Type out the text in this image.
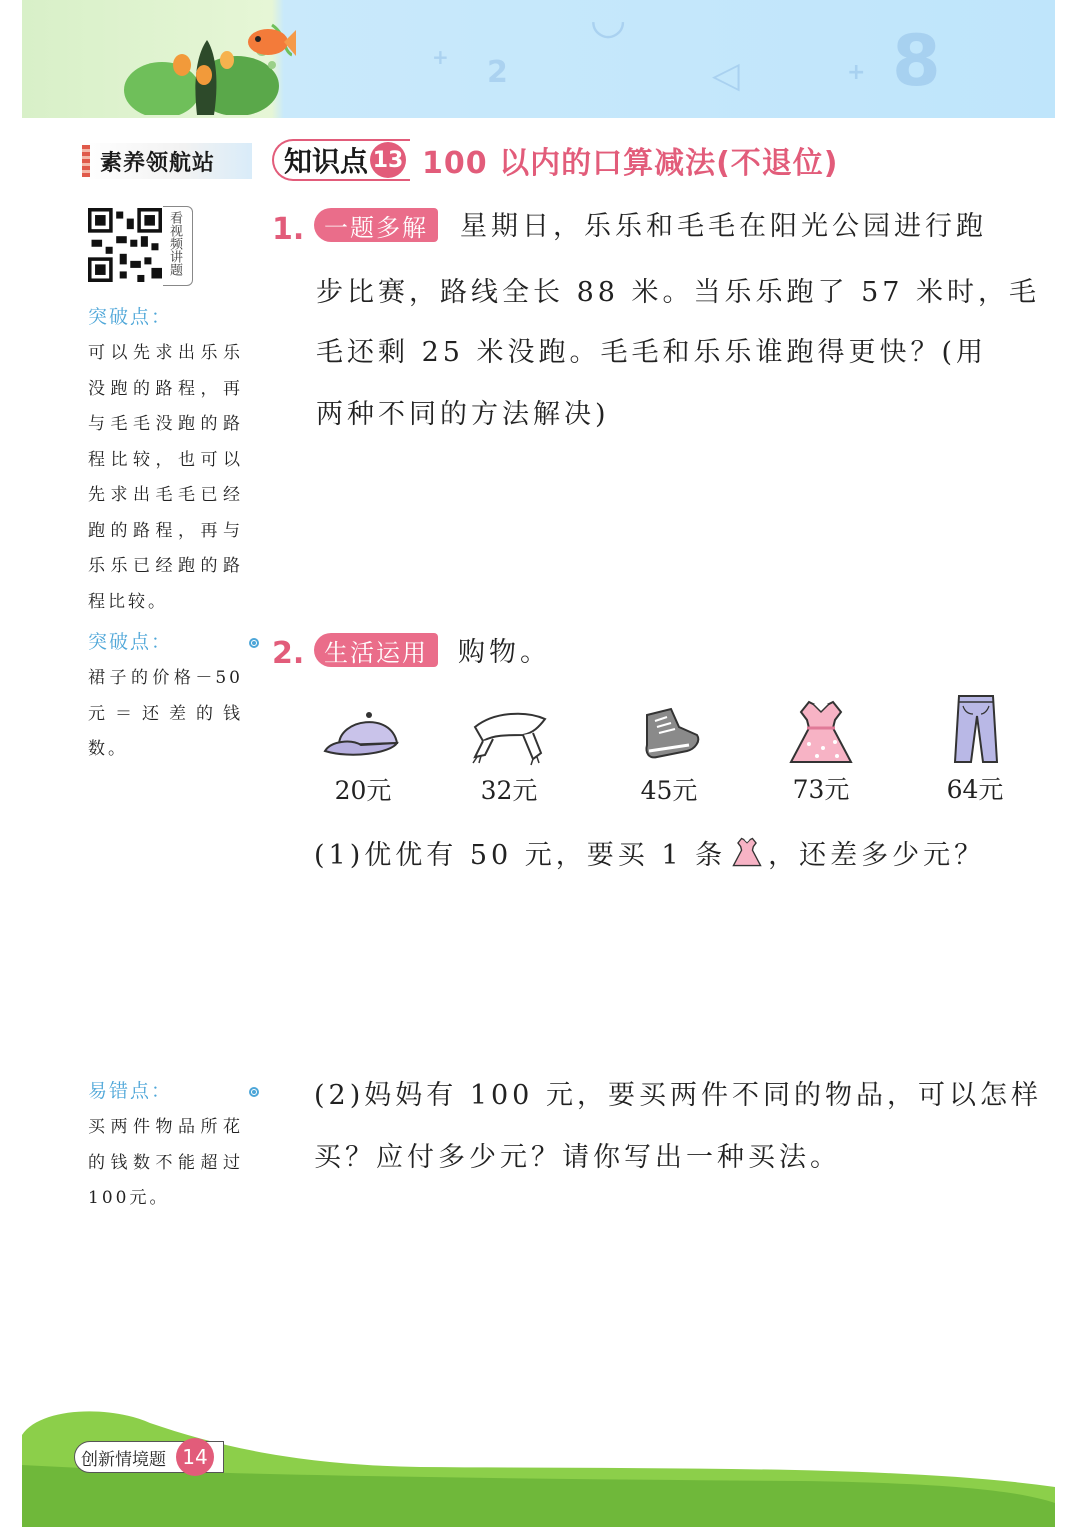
2	8
◁
◡
+
+
素养领航站 知识点 13 100 以内的口算减法(不退位)
看视频讲题
突破点：
可以先求出乐乐没跑的路程，再与毛毛没跑的路程比较，也可以先求出毛毛已经跑的路程，再与乐乐已经跑的路程比较。
突破点：
裙子的价格－50元＝还差的钱数。
易错点：
买两件物品所花的钱数不能超过100元。
1. 一题多解	星期日，乐乐和毛毛在阳光公园进行跑
步比赛，路线全长 88 米。当乐乐跑了 57 米时，毛
毛还剩 25 米没跑。毛毛和乐乐谁跑得更快？(用
两种不同的方法解决)
2. 生活运用	购物。
20元	32元	45元	73元	64元
(1)优优有 50 元，要买 1 条 ，还差多少元？
(2)妈妈有 100 元，要买两件不同的物品，可以怎样
买？应付多少元？请你写出一种买法。
创新情境题 14
